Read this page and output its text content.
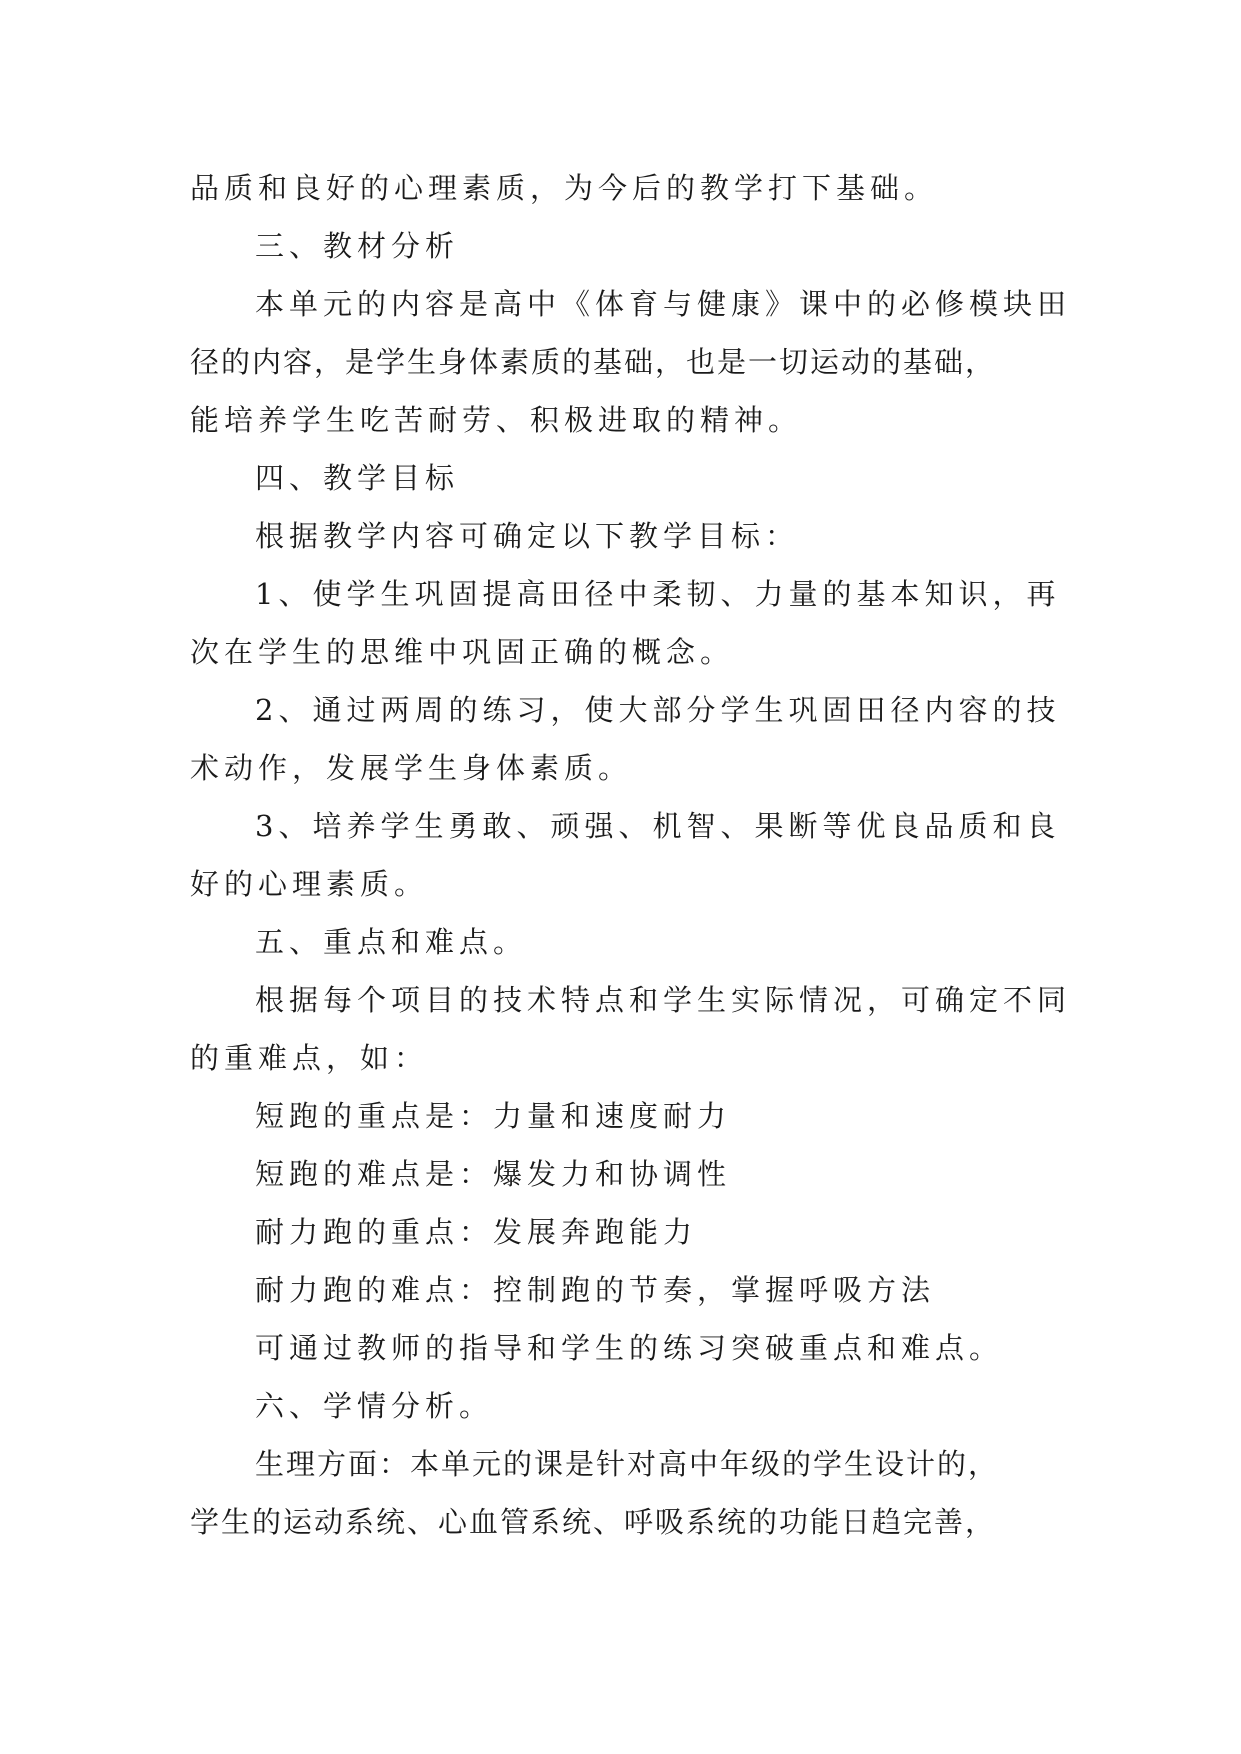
品质和良好的心理素质，为今后的教学打下基础。
三、教材分析
本单元的内容是高中《体育与健康》课中的必修模块田
径的内容，是学生身体素质的基础，也是一切运动的基础，
能培养学生吃苦耐劳、积极进取的精神。
四、教学目标
根据教学内容可确定以下教学目标：
1、使学生巩固提高田径中柔韧、力量的基本知识，再
次在学生的思维中巩固正确的概念。
2、通过两周的练习，使大部分学生巩固田径内容的技
术动作，发展学生身体素质。
3、培养学生勇敢、顽强、机智、果断等优良品质和良
好的心理素质。
五、重点和难点。
根据每个项目的技术特点和学生实际情况，可确定不同
的重难点，如：
短跑的重点是：力量和速度耐力
短跑的难点是：爆发力和协调性
耐力跑的重点：发展奔跑能力
耐力跑的难点：控制跑的节奏，掌握呼吸方法
可通过教师的指导和学生的练习突破重点和难点。
六、学情分析。
生理方面：本单元的课是针对高中年级的学生设计的，
学生的运动系统、心血管系统、呼吸系统的功能日趋完善，
